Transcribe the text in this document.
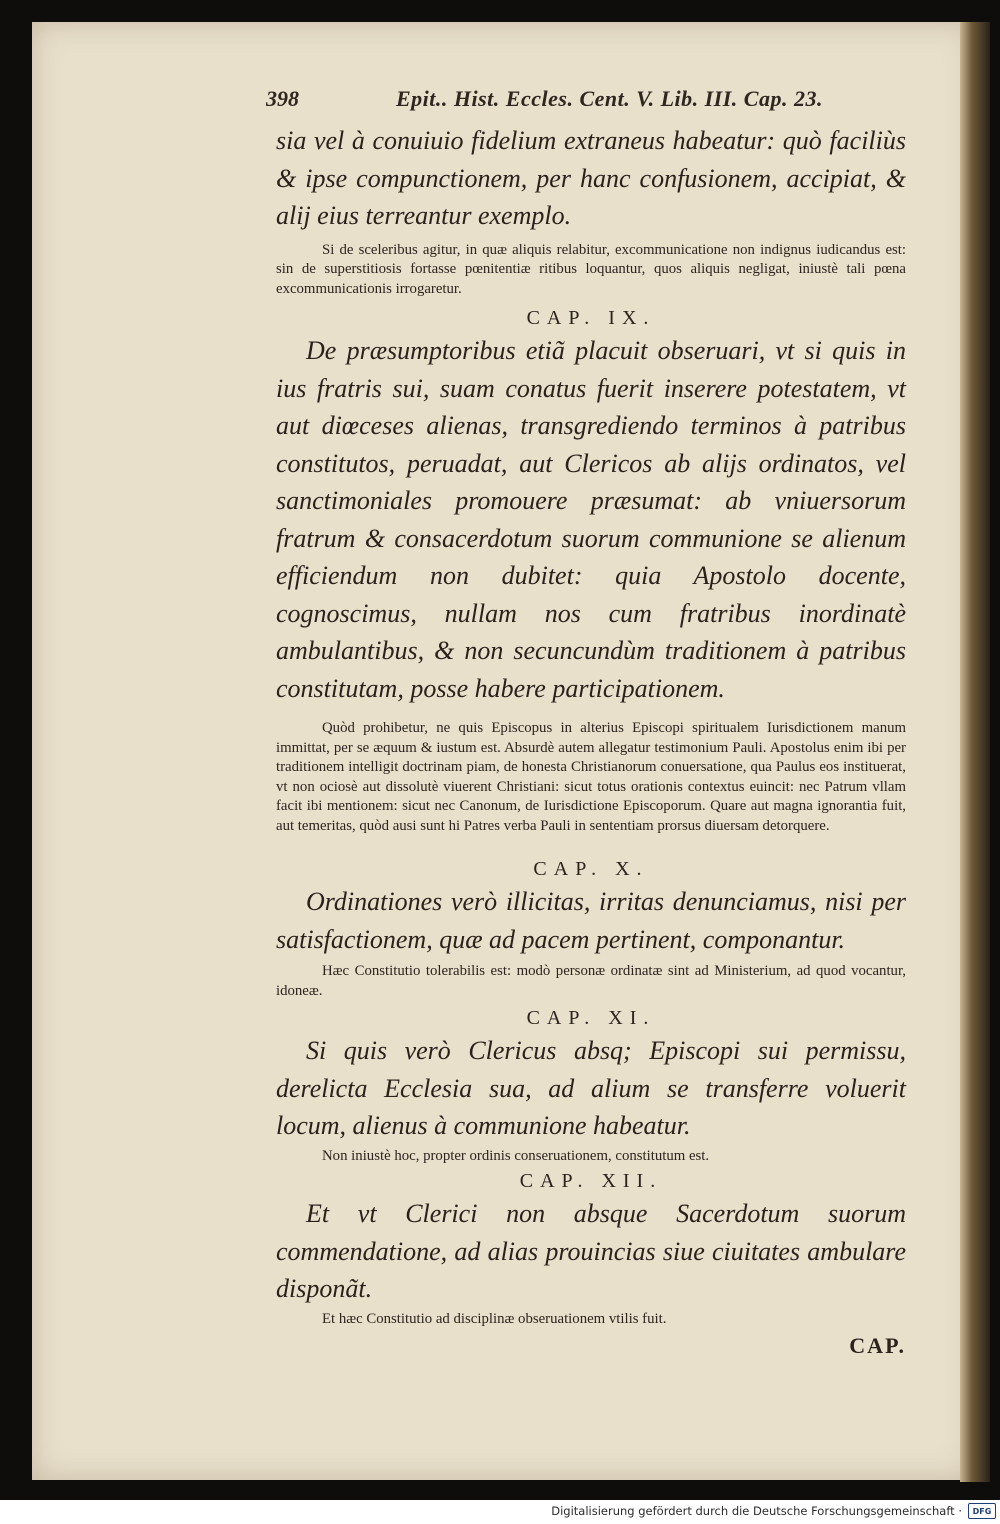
398	Epit.. Hist. Eccles. Cent. V. Lib. III. Cap. 23.

sia vel à conuiuio fidelium extraneus habeatur: quò faciliùs & ipse compunctionem, per hanc confusionem, accipiat, & alij eius terreantur exemplo.

Si de sceleribus agitur, in quæ aliquis relabitur, excommunicatione non indignus iudicandus est: sin de superstitiosis fortasse pœnitentiæ ritibus loquantur, quos aliquis negligat, iniustè tali pœna excommunicationis irrogaretur.

CAP. IX.

De præsumptoribus etiã placuit obseruari, vt si quis in ius fratris sui, suam conatus fuerit inserere potestatem, vt aut diœceses alienas, transgrediendo terminos à patribus constitutos, peruadat, aut Clericos ab alijs ordinatos, vel sanctimoniales promouere præsumat: ab vniuersorum fratrum & consacerdotum suorum communione se alienum efficiendum non dubitet: quia Apostolo docente, cognoscimus, nullam nos cum fratribus inordinatè ambulantibus, & non secuncundùm traditionem à patribus constitutam, posse habere participationem.

Quòd prohibetur, ne quis Episcopus in alterius Episcopi spiritualem Iurisdictionem manum immittat, per se æquum & iustum est. Absurdè autem allegatur testimonium Pauli. Apostolus enim ibi per traditionem intelligit doctrinam piam, de honesta Christianorum conuersatione, qua Paulus eos instituerat, vt non ociosè aut dissolutè viuerent Christiani: sicut totus orationis contextus euincit: nec Patrum vllam facit ibi mentionem: sicut nec Canonum, de Iurisdictione Episcoporum. Quare aut magna ignorantia fuit, aut temeritas, quòd ausi sunt hi Patres verba Pauli in sententiam prorsus diuersam detorquere.

CAP. X.

Ordinationes verò illicitas, irritas denunciamus, nisi per satisfactionem, quæ ad pacem pertinent, componantur.

Hæc Constitutio tolerabilis est: modò personæ ordinatæ sint ad Ministerium, ad quod vocantur, idoneæ.

CAP. XI.

Si quis verò Clericus absq; Episcopi sui permissu, derelicta Ecclesia sua, ad alium se transferre voluerit locum, alienus à communione habeatur.

Non iniustè hoc, propter ordinis conseruationem, constitutum est.

CAP. XII.

Et vt Clerici non absque Sacerdotum suorum commendatione, ad alias prouincias siue ciuitates ambulare disponãt.

Et hæc Constitutio ad disciplinæ obseruationem vtilis fuit.

CAP.

Digitalisierung gefördert durch die Deutsche Forschungsgemeinschaft ·	DFG
